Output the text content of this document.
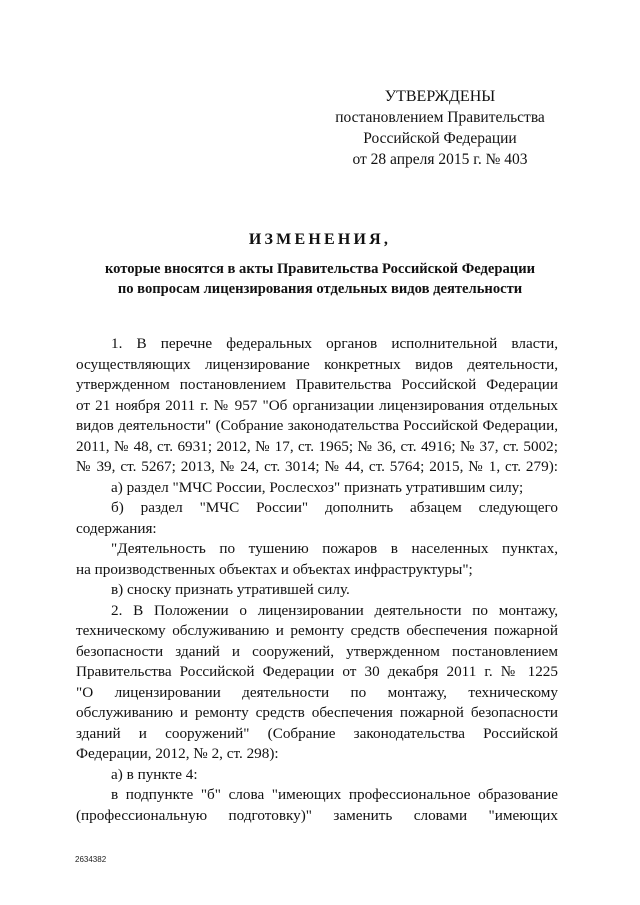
УТВЕРЖДЕНЫ
постановлением Правительства
Российской Федерации
от 28 апреля 2015 г. № 403
ИЗМЕНЕНИЯ,
которые вносятся в акты Правительства Российской Федерации
по вопросам лицензирования отдельных видов деятельности
1. В перечне федеральных органов исполнительной власти,
осуществляющих лицензирование конкретных видов деятельности,
утвержденном постановлением Правительства Российской Федерации
от 21 ноября 2011 г. № 957 "Об организации лицензирования отдельных
видов деятельности" (Собрание законодательства Российской Федерации,
2011, № 48, ст. 6931; 2012, № 17, ст. 1965; № 36, ст. 4916; № 37, ст. 5002;
№ 39, ст. 5267; 2013, № 24, ст. 3014; № 44, ст. 5764; 2015, № 1, ст. 279):
а) раздел "МЧС России, Рослесхоз" признать утратившим силу;
б) раздел "МЧС России" дополнить абзацем следующего
содержания:
"Деятельность по тушению пожаров в населенных пунктах,
на производственных объектах и объектах инфраструктуры";
в) сноску признать утратившей силу.
2. В Положении о лицензировании деятельности по монтажу,
техническому обслуживанию и ремонту средств обеспечения пожарной
безопасности зданий и сооружений, утвержденном постановлением
Правительства Российской Федерации от 30 декабря 2011 г. № 1225
"О лицензировании деятельности по монтажу, техническому
обслуживанию и ремонту средств обеспечения пожарной безопасности
зданий и сооружений" (Собрание законодательства Российской
Федерации, 2012, № 2, ст. 298):
а) в пункте 4:
в подпункте "б" слова "имеющих профессиональное образование
(профессиональную подготовку)" заменить словами "имеющих
2634382
